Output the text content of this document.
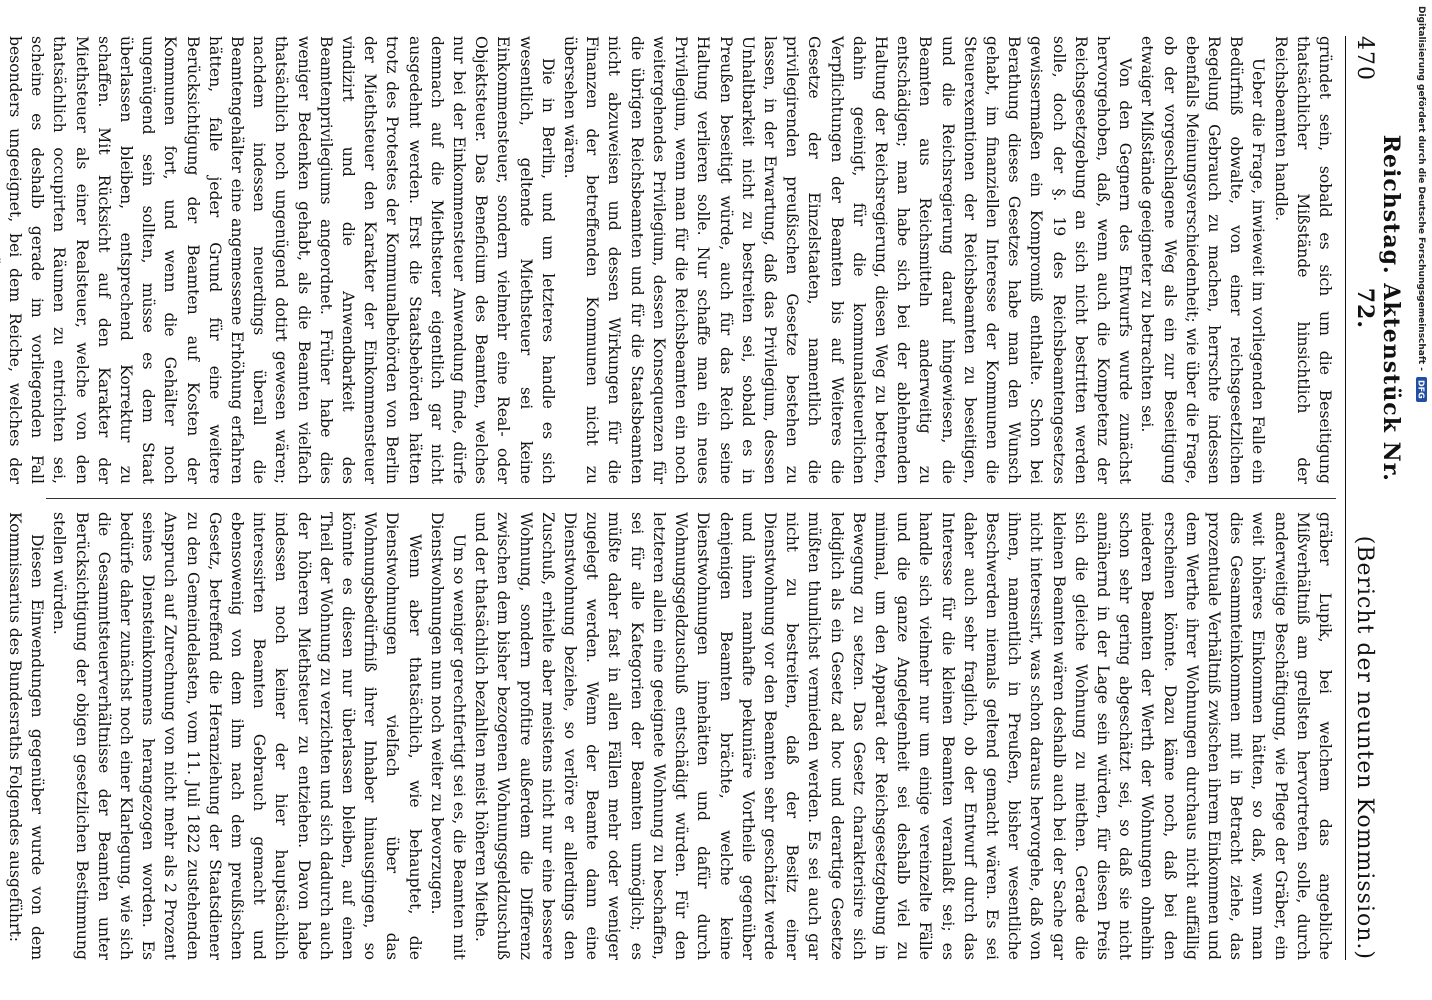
470
Reichstag. Aktenstück Nr. 72.
(Bericht der neunten Kommission.)

gründet sein, sobald es sich um die Beseitigung thatsächlicher Mißstände hinsichtlich der Reichsbeamten handle.

Ueber die Frage, inwieweit im vorliegenden Falle ein Bedürfniß obwalte, von einer reichsgesetzlichen Regelung Gebrauch zu machen, herrschte indessen ebenfalls Meinungsverschiedenheit; wie über die Frage, ob der vorgeschlagene Weg als ein zur Beseitigung etwaiger Mißstände geeigneter zu betrachten sei.

Von den Gegnern des Entwurfs wurde zunächst hervorgehoben, daß, wenn auch die Kompetenz der Reichsgesetzgebung an sich nicht bestritten werden solle, doch der §. 19 des Reichsbeamtengesetzes gewissermaßen ein Kompromiß enthalte. Schon bei Berathung dieses Gesetzes habe man den Wunsch gehabt, im finanziellen Interesse der Kommunen die Steuerexemtionen der Reichsbeamten zu beseitigen, und die Reichsregierung darauf hingewiesen, die Beamten aus Reichsmitteln anderweitig zu entschädigen; man habe sich bei der ablehnenden Haltung der Reichsregierung, diesen Weg zu betreten, dahin geeinigt, für die kommunalsteuerlichen Verpflichtungen der Beamten bis auf Weiteres die Gesetze der Einzelstaaten, namentlich die privilegirenden preußischen Gesetze bestehen zu lassen, in der Erwartung, daß das Privilegium, dessen Unhaltbarkeit nicht zu bestreiten sei, sobald es in Preußen beseitigt würde, auch für das Reich seine Haltung verlieren solle. Nur schaffe man ein neues Privilegium, wenn man für die Reichsbeamten ein noch weitergehendes Privilegium, dessen Konsequenzen für die übrigen Reichsbeamten und für die Staatsbeamten nicht abzuweisen und dessen Wirkungen für die Finanzen der betreffenden Kommunen nicht zu übersehen wären.

Die in Berlin, und um letzteres handle es sich wesentlich, geltende Miethsteuer sei keine Einkommensteuer, sondern vielmehr eine Real- oder Objektsteuer. Das Beneficium des Beamten, welches nur bei der Einkommensteuer Anwendung finde, dürfe demnach auf die Miethsteuer eigentlich gar nicht ausgedehnt werden. Erst die Staatsbehörden hätten trotz des Protestes der Kommunalbehörden von Berlin der Miethsteuer den Karakter der Einkommensteuer vindizirt und die Anwendbarkeit des Beamtenprivilegiums angeordnet. Früher habe dies weniger Bedenken gehabt, als die Beamten vielfach thatsächlich noch ungenügend dotirt gewesen wären; nachdem indessen neuerdings überall die Beamtengehälter eine angemessene Erhöhung erfahren hätten, falle jeder Grund für eine weitere Berücksichtigung der Beamten auf Kosten der Kommunen fort, und wenn die Gehälter noch ungenügend sein sollten, müsse es dem Staat überlassen bleiben, entsprechend Korrektur zu schaffen. Mit Rücksicht auf den Karakter der Miethsteuer als einer Realsteuer, welche von den thatsächlich occupirten Räumen zu entrichten sei, scheine es deshalb gerade im vorliegenden Fall besonders ungeeignet, bei dem Reiche, welches der

gräber Lupik, bei welchem das angebliche Mißverhältniß am grellsten hervortreten solle, durch anderweitige Beschäftigung, wie Pflege der Gräber, ein weit höheres Einkommen hätten, so daß, wenn man dies Gesammteinkommen mit in Betracht ziehe, das prozentuale Verhältniß zwischen ihrem Einkommen und dem Werthe ihrer Wohnungen durchaus nicht auffällig erscheinen könnte. Dazu käme noch, daß bei den niederen Beamten der Werth der Wohnungen ohnehin schon sehr gering abgeschätzt sei, so daß sie nicht annähernd in der Lage sein würden, für diesen Preis sich die gleiche Wohnung zu miethen. Gerade die kleinen Beamten wären deshalb auch bei der Sache gar nicht interessirt, was schon daraus hervorgehe, daß von ihnen, namentlich in Preußen, bisher wesentliche Beschwerden niemals geltend gemacht wären. Es sei daher auch sehr fraglich, ob der Entwurf durch das Interesse für die kleinen Beamten veranlaßt sei; es handle sich vielmehr nur um einige vereinzelte Fälle und die ganze Angelegenheit sei deshalb viel zu minimal, um den Apparat der Reichsgesetzgebung in Bewegung zu setzen. Das Gesetz charakterisire sich lediglich als ein Gesetz ad hoc und derartige Gesetze müßten thunlichst vermieden werden. Es sei auch gar nicht zu bestreiten, daß der Besitz einer Dienstwohnung vor den Beamten sehr geschätzt werde und ihnen namhafte pekuniäre Vortheile gegenüber denjenigen Beamten brächte, welche keine Dienstwohnungen innehätten und dafür durch Wohnungsgeldzuschuß entschädigt würden. Für den letzteren allein eine geeignete Wohnung zu beschaffen, sei für alle Kategorien der Beamten unmöglich; es müßte daher fast in allen Fällen mehr oder weniger zugelegt werden. Wenn der Beamte dann eine Dienstwohnung beziehe, so verlöre er allerdings den Zuschuß, erhielte aber meistens nicht nur eine bessere Wohnung, sondern profitire außerdem die Differenz zwischen dem bisher bezogenen Wohnungsgeldzuschuß und der thatsächlich bezahlten meist höheren Miethe.

Um so weniger gerechtfertigt sei es, die Beamten mit Dienstwohnungen nun noch weiter zu bevorzugen.

Wenn aber thatsächlich, wie behauptet, die Dienstwohnungen vielfach über das Wohnungsbedürfniß ihrer Inhaber hinausgingen, so könnte es diesen nur überlassen bleiben, auf einen Theil der Wohnung zu verzichten und sich dadurch auch der höheren Miethsteuer zu entziehen. Davon habe indessen noch keiner der hier hauptsächlich interessirten Beamten Gebrauch gemacht und ebensowenig von dem ihm nach dem preußischen Gesetz, betreffend die Heranziehung der Staatsdiener zu den Gemeindelasten, vom 11. Juli 1822 zustehenden Anspruch auf Zurechnung von nicht mehr als 2 Prozent seines Diensteinkommens herangezogen worden. Es bedürfe daher zunächst noch einer Klarlegung, wie sich die Gesammtsteuerverhältnisse der Beamten unter Berücksichtigung der obigen gesetzlichen Bestimmung stellen würden.

Diesen Einwendungen gegenüber wurde von dem Kommissarius des Bundesraths Folgendes ausgeführt:

Digitalisierung gefördert durch die Deutsche Forschungsgemeinschaft -
DFG
